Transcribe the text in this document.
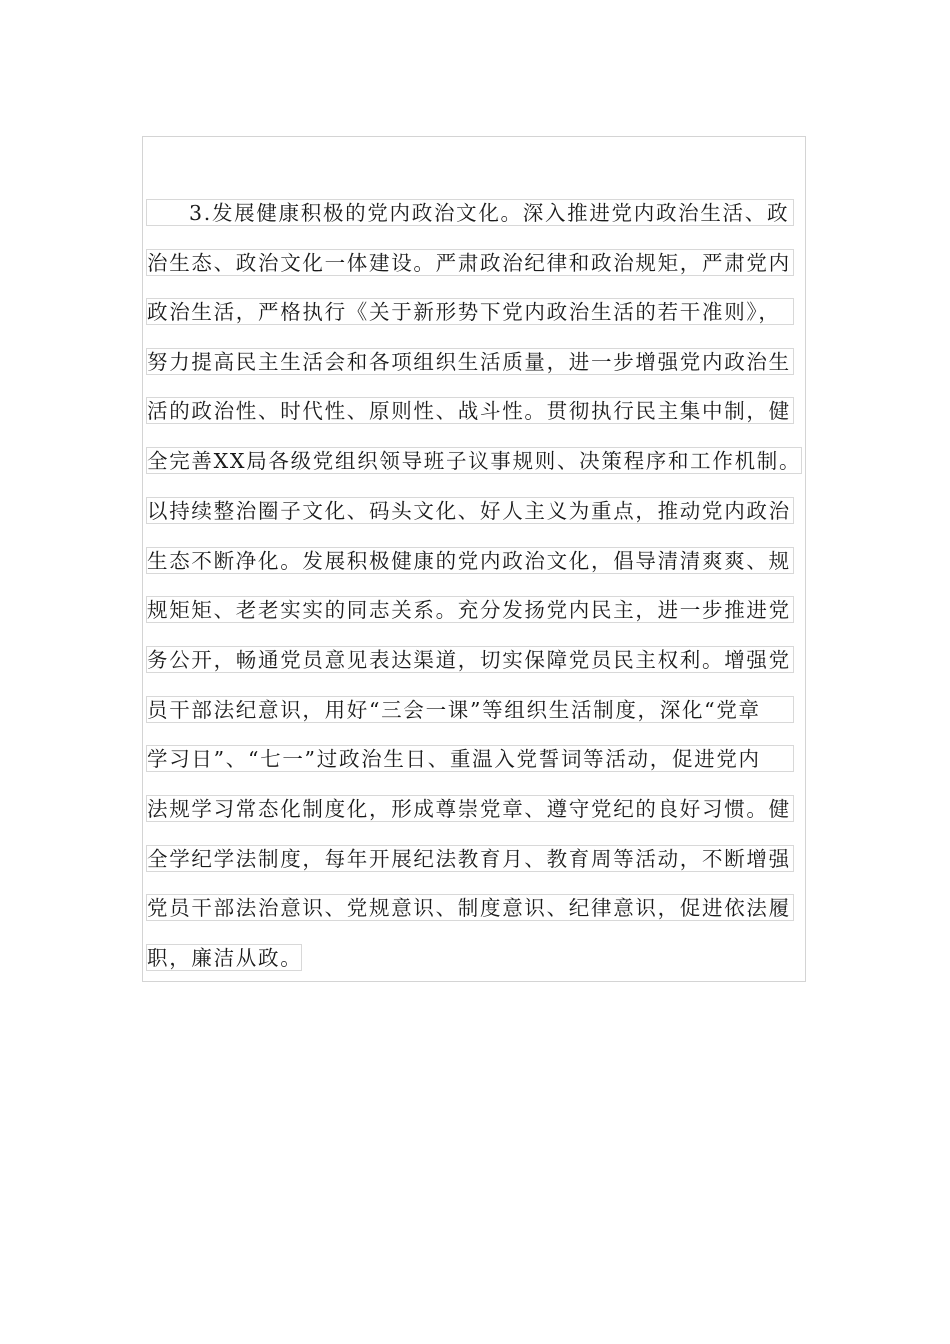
3.发展健康积极的党内政治文化。深入推进党内政治生活、政
治生态、政治文化一体建设。严肃政治纪律和政治规矩，严肃党内
政治生活，严格执行《关于新形势下党内政治生活的若干准则》，
努力提高民主生活会和各项组织生活质量，进一步增强党内政治生
活的政治性、时代性、原则性、战斗性。贯彻执行民主集中制，健
全完善XX局各级党组织领导班子议事规则、决策程序和工作机制。
以持续整治圈子文化、码头文化、好人主义为重点，推动党内政治
生态不断净化。发展积极健康的党内政治文化，倡导清清爽爽、规
规矩矩、老老实实的同志关系。充分发扬党内民主，进一步推进党
务公开，畅通党员意见表达渠道，切实保障党员民主权利。增强党
员干部法纪意识，用好“三会一课”等组织生活制度，深化“党章
学习日”、“七一”过政治生日、重温入党誓词等活动，促进党内
法规学习常态化制度化，形成尊崇党章、遵守党纪的良好习惯。健
全学纪学法制度，每年开展纪法教育月、教育周等活动，不断增强
党员干部法治意识、党规意识、制度意识、纪律意识，促进依法履
职，廉洁从政。
